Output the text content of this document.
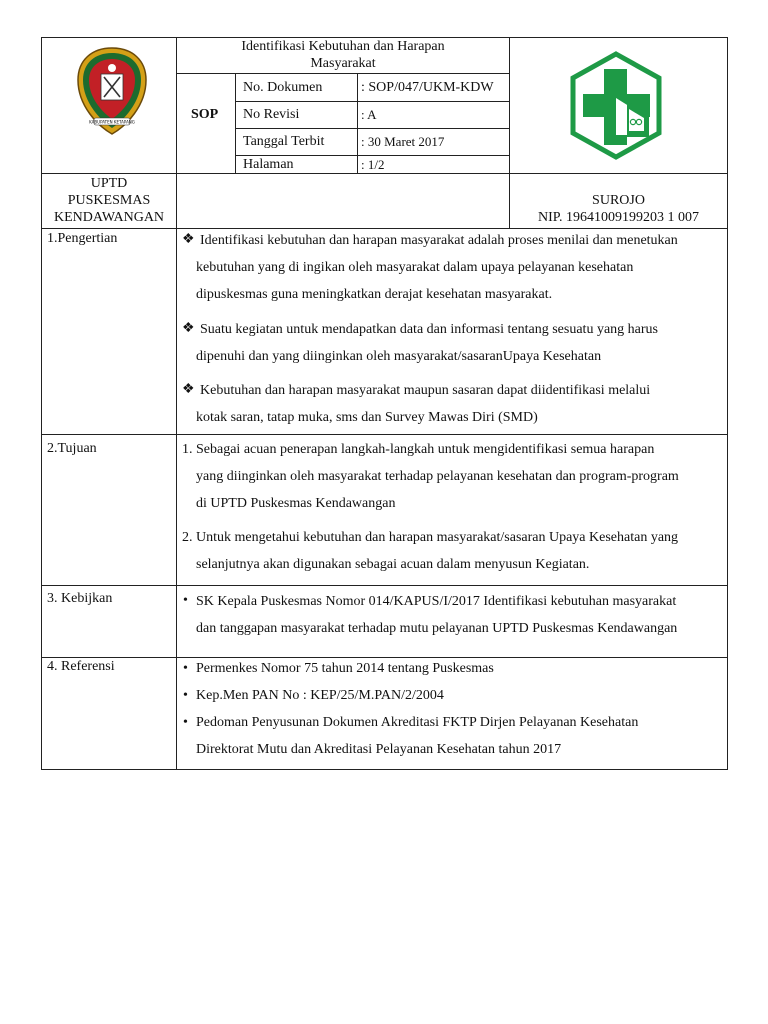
KABUPATEN KETAPANG
Identifikasi Kebutuhan dan Harapan
Masyarakat
SOP
No. Dokumen	: SOP/047/UKM-KDW
No Revisi	: A
Tanggal Terbit	: 30 Maret 2017
Halaman	: 1/2
UPTD
PUSKESMAS
KENDAWANGAN
SUROJO
NIP. 19641009199203 1 007
1.Pengertian	❖ Identifikasi kebutuhan dan harapan masyarakat adalah proses menilai dan menetukan
kebutuhan yang di ingikan oleh masyarakat dalam upaya pelayanan kesehatan
dipuskesmas guna meningkatkan derajat kesehatan masyarakat.
❖ Suatu kegiatan untuk mendapatkan data dan informasi tentang sesuatu yang harus
dipenuhi dan yang diinginkan oleh masyarakat/sasaranUpaya Kesehatan
❖ Kebutuhan dan harapan masyarakat maupun sasaran dapat diidentifikasi melalui
kotak saran, tatap muka, sms dan Survey Mawas Diri (SMD)
2.Tujuan	1. Sebagai acuan penerapan langkah-langkah untuk mengidentifikasi semua harapan
yang diinginkan oleh masyarakat terhadap pelayanan kesehatan dan program-program
di UPTD Puskesmas Kendawangan
2. Untuk mengetahui kebutuhan dan harapan masyarakat/sasaran Upaya Kesehatan yang
selanjutnya akan digunakan sebagai acuan dalam menyusun Kegiatan.
3. Kebijkan	• SK Kepala Puskesmas Nomor 014/KAPUS/I/2017 Identifikasi kebutuhan masyarakat
dan tanggapan masyarakat terhadap mutu pelayanan UPTD Puskesmas Kendawangan
4. Referensi	• Permenkes Nomor 75 tahun 2014 tentang Puskesmas
• Kep.Men PAN No : KEP/25/M.PAN/2/2004
• Pedoman Penyusunan Dokumen Akreditasi FKTP Dirjen Pelayanan Kesehatan
Direktorat Mutu dan Akreditasi Pelayanan Kesehatan tahun 2017
